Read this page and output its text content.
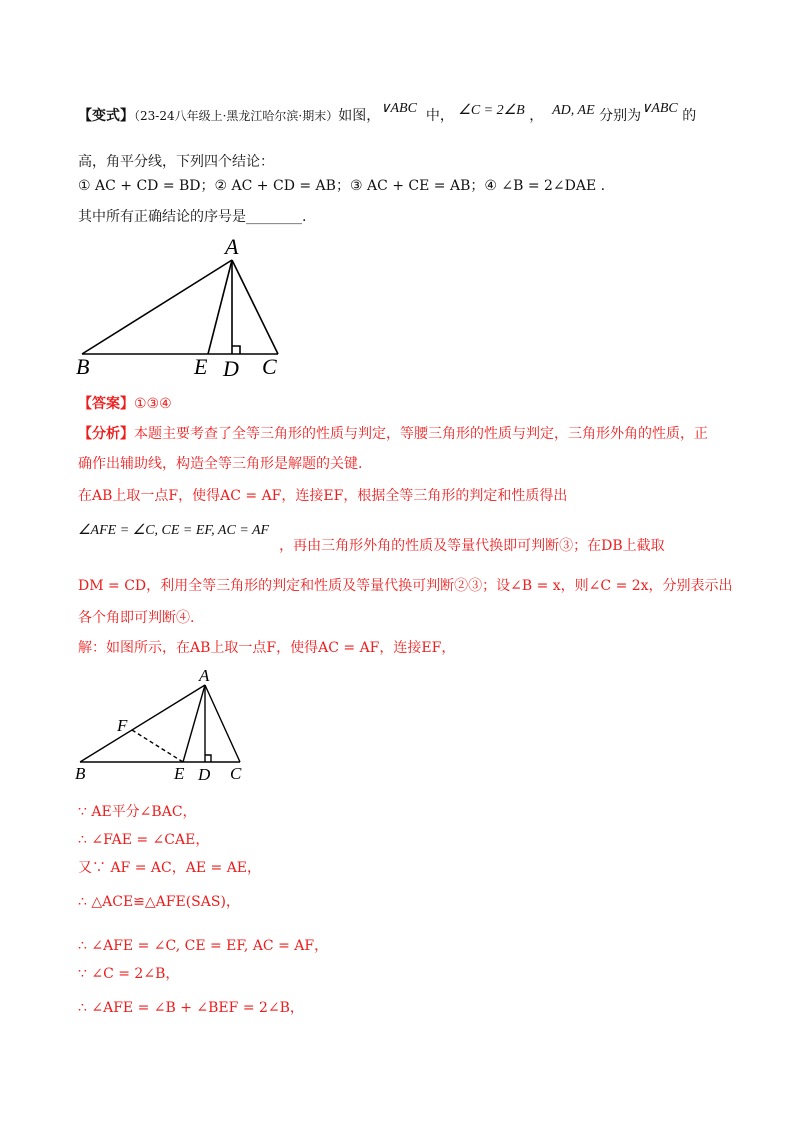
【变式】（23-24八年级上·黑龙江哈尔滨·期末）如图，∨ABC 中， ∠C = 2∠B ， AD, AE 分别为∨ABC 的
高，角平分线，下列四个结论：
① AC + CD = BD；② AC + CD = AB；③ AC + CE = AB；④ ∠B = 2∠DAE .
其中所有正确结论的序号是________.
A
B	E D C
【答案】①③④
【分析】本题主要考查了全等三角形的性质与判定，等腰三角形的性质与判定，三角形外角的性质，正
确作出辅助线，构造全等三角形是解题的关键.
在AB上取一点F，使得AC = AF，连接EF，根据全等三角形的判定和性质得出
∠AFE = ∠C, CE = EF, AC = AF，再由三角形外角的性质及等量代换即可判断③；在DB上截取
DM = CD，利用全等三角形的判定和性质及等量代换可判断②③；设∠B = x，则∠C = 2x，分别表示出
各个角即可判断④.
解：如图所示，在AB上取一点F，使得AC = AF，连接EF，
A
F
B	E D C
∵ AE平分∠BAC，
∴ ∠FAE = ∠CAE，
又∵ AF = AC，AE = AE，
∴ △ACE≌△AFE(SAS)，
∴ ∠AFE = ∠C, CE = EF, AC = AF，
∵ ∠C = 2∠B，
∴ ∠AFE = ∠B + ∠BEF = 2∠B，
